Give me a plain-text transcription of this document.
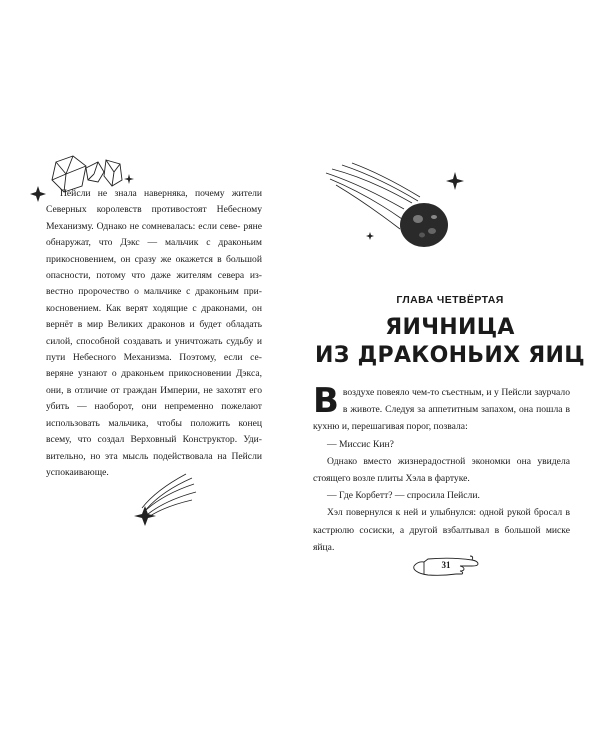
Пейсли не знала наверняка, почему жители Северных королевств противостоят Небесному Механизму. Однако не сомневалась: если севе- ряне обнаружат, что Дэкс — мальчик с драконьим прикосновением, он сразу же окажется в большой опасности, потому что даже жителям севера из- вестно пророчество о мальчике с драконьим при- косновением. Как верят ходящие с драконами, он вернёт в мир Великих драконов и будет обладать силой, способной создавать и уничтожать судьбу и пути Небесного Механизма. Поэтому, если се- веряне узнают о драконьем прикосновении Дэкса, они, в отличие от граждан Империи, не захотят его убить — наоборот, они непременно пожелают использовать мальчика, чтобы положить конец всему, что создал Верховный Конструктор. Уди- вительно, но эта мысль подействовала на Пейсли успокаивающе.

ГЛАВА ЧЕТВЁРТАЯ
ЯИЧНИЦА
ИЗ ДРАКОНЬИХ ЯИЦ

Ввоздухе повеяло чем-то съестным, и у Пейсли заурчало в животе. Следуя за аппетитным запахом, она пошла в кухню и, перешагивая порог, позвала:

— Миссис Кин?

Однако вместо жизнерадостной экономки она увидела стоящего возле плиты Хэла в фартуке.

— Где Корбетт? — спросила Пейсли.

Хэл повернулся к ней и улыбнулся: одной рукой бросал в кастрюлю сосиски, а другой взбалтывал в большой миске яйца.

31
